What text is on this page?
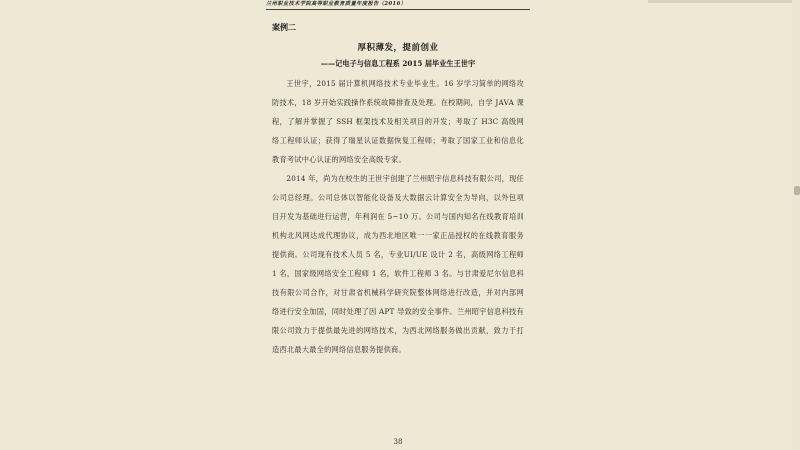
兰州职业技术学院高等职业教育质量年度报告（2016）
案例二
厚积薄发，提前创业
——记电子与信息工程系 2015 届毕业生王世宇

王世宇，2015 届计算机网络技术专业毕业生。16 岁学习简单的网络攻防技术，18 岁开始实践操作系统故障排查及处理。在校期间，自学 JAVA 课程，了解并掌握了 SSH 框架技术及相关项目的开发；考取了 H3C 高级网络工程师认证；获得了瑞星认证数据恢复工程师；考取了国家工业和信息化教育考试中心认证的网络安全高级专家。

2014 年，尚为在校生的王世宇创建了兰州昭宇信息科技有限公司，现任公司总经理。公司总体以智能化设备及大数据云计算安全为导向，以外包项目开发为基础进行运营，年利润在 5~10 万。公司与国内知名在线教育培训机构北风网达成代理协议，成为西北地区唯一一家正品授权的在线教育服务提供商。公司现有技术人员 5 名，专业UI/UE 设计 2 名，高级网络工程师 1 名，国家级网络安全工程师 1 名，软件工程师 3 名。与甘肃爱尼尔信息科技有限公司合作，对甘肃省机械科学研究院整体网络进行改造，并对内部网络进行安全加固，同时处理了因 APT 导致的安全事件。兰州昭宇信息科技有限公司致力于提供最先进的网络技术，为西北网络服务做出贡献，致力于打造西北最大最全的网络信息服务提供商。

38
